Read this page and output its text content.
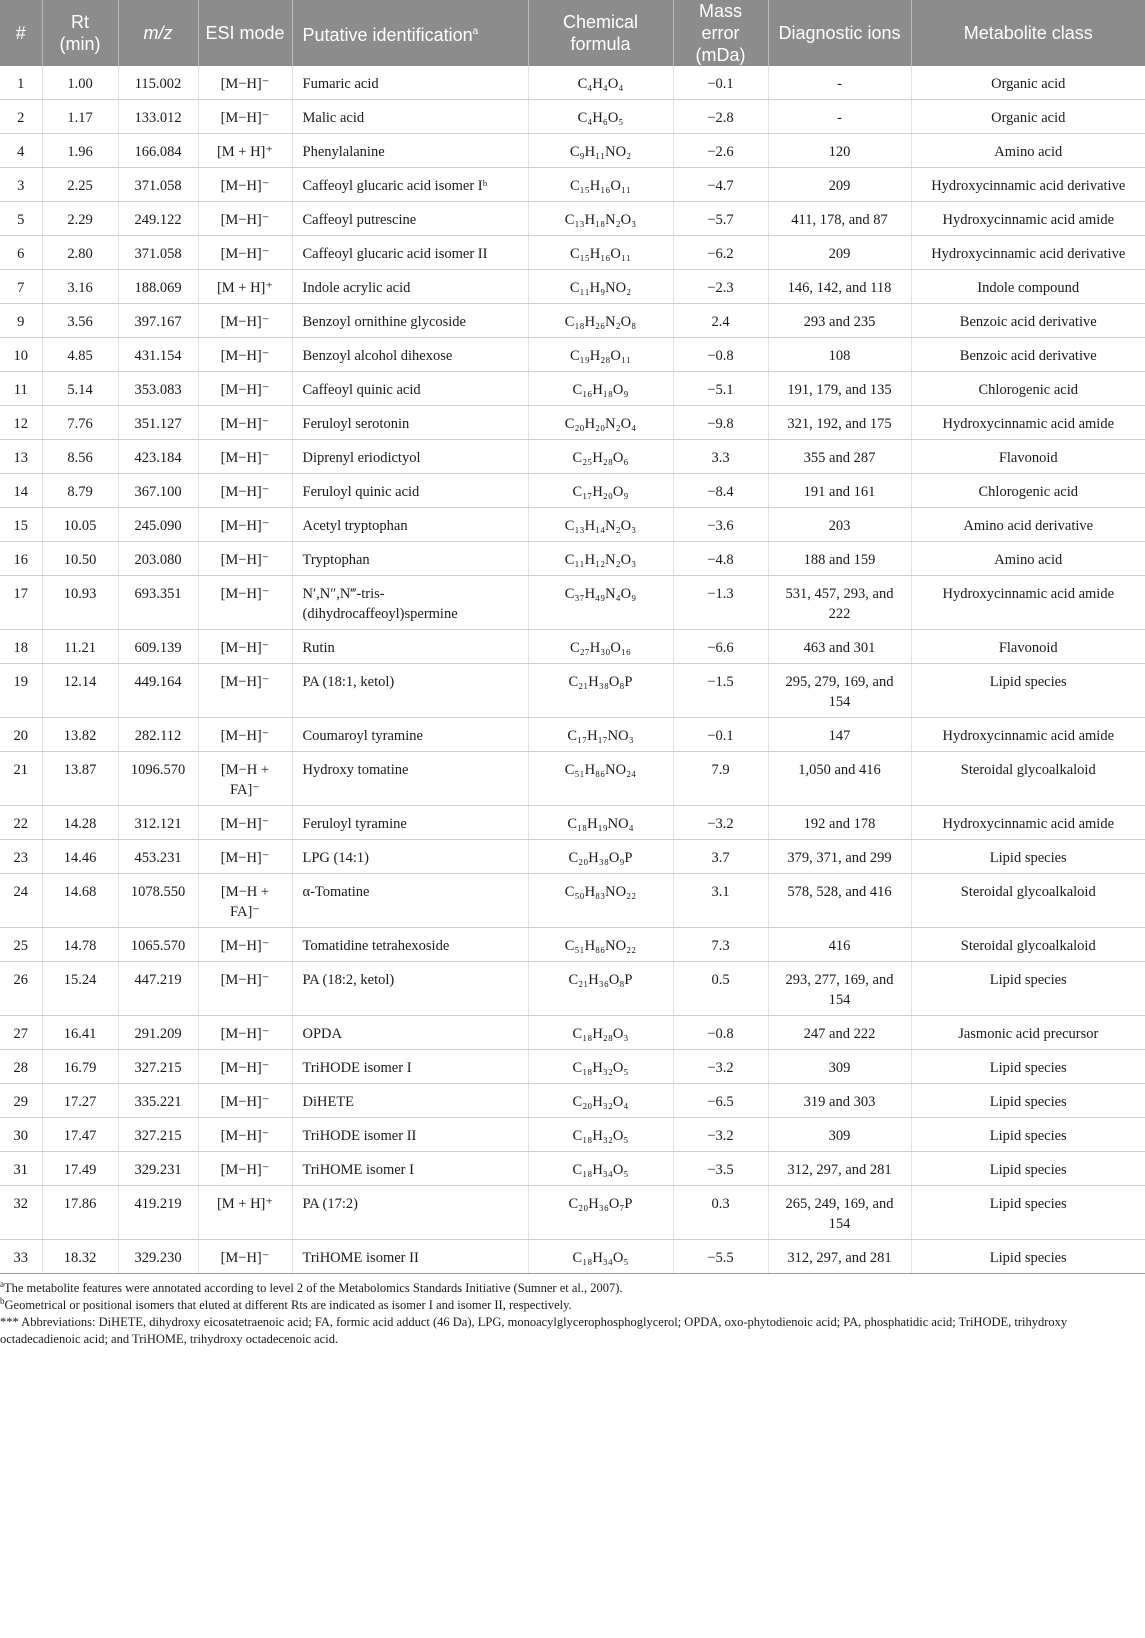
#	Rt (min)	m/z	ESI mode	Putative identification$^a$	Chemical formula	Mass error (mDa)	Diagnostic ions	Metabolite class
1	1.00	115.002	[M−H]⁻	Fumaric acid	C₄H₄O₄	−0.1	-	Organic acid
2	1.17	133.012	[M−H]⁻	Malic acid	C₄H₆O₅	−2.8	-	Organic acid
4	1.96	166.084	[M + H]⁺	Phenylalanine	C₉H₁₁NO₂	−2.6	120	Amino acid
3	2.25	371.058	[M−H]⁻	Caffeoyl glucaric acid isomer Iᵇ	C₁₅H₁₆O₁₁	−4.7	209	Hydroxycinnamic acid derivative
5	2.29	249.122	[M−H]⁻	Caffeoyl putrescine	C₁₃H₁₈N₂O₃	−5.7	411, 178, and 87	Hydroxycinnamic acid amide
6	2.80	371.058	[M−H]⁻	Caffeoyl glucaric acid isomer II	C₁₅H₁₆O₁₁	−6.2	209	Hydroxycinnamic acid derivative
7	3.16	188.069	[M + H]⁺	Indole acrylic acid	C₁₁H₉NO₂	−2.3	146, 142, and 118	Indole compound
9	3.56	397.167	[M−H]⁻	Benzoyl ornithine glycoside	C₁₈H₂₆N₂O₈	2.4	293 and 235	Benzoic acid derivative
10	4.85	431.154	[M−H]⁻	Benzoyl alcohol dihexose	C₁₉H₂₈O₁₁	−0.8	108	Benzoic acid derivative
11	5.14	353.083	[M−H]⁻	Caffeoyl quinic acid	C₁₆H₁₈O₉	−5.1	191, 179, and 135	Chlorogenic acid
12	7.76	351.127	[M−H]⁻	Feruloyl serotonin	C₂₀H₂₀N₂O₄	−9.8	321, 192, and 175	Hydroxycinnamic acid amide
13	8.56	423.184	[M−H]⁻	Diprenyl eriodictyol	C₂₅H₂₈O₆	3.3	355 and 287	Flavonoid
14	8.79	367.100	[M−H]⁻	Feruloyl quinic acid	C₁₇H₂₀O₉	−8.4	191 and 161	Chlorogenic acid
15	10.05	245.090	[M−H]⁻	Acetyl tryptophan	C₁₃H₁₄N₂O₃	−3.6	203	Amino acid derivative
16	10.50	203.080	[M−H]⁻	Tryptophan	C₁₁H₁₂N₂O₃	−4.8	188 and 159	Amino acid
17	10.93	693.351	[M−H]⁻	N′,N″,N‴-tris-(dihydrocaffeoyl)spermine	C₃₇H₄₉N₄O₉	−1.3	531, 457, 293, and 222	Hydroxycinnamic acid amide
18	11.21	609.139	[M−H]⁻	Rutin	C₂₇H₃₀O₁₆	−6.6	463 and 301	Flavonoid
19	12.14	449.164	[M−H]⁻	PA (18:1, ketol)	C₂₁H₃₈O₈P	−1.5	295, 279, 169, and 154	Lipid species
20	13.82	282.112	[M−H]⁻	Coumaroyl tyramine	C₁₇H₁₇NO₃	−0.1	147	Hydroxycinnamic acid amide
21	13.87	1096.570	[M−H + FA]⁻	Hydroxy tomatine	C₅₁H₈₆NO₂₄	7.9	1,050 and 416	Steroidal glycoalkaloid
22	14.28	312.121	[M−H]⁻	Feruloyl tyramine	C₁₈H₁₉NO₄	−3.2	192 and 178	Hydroxycinnamic acid amide
23	14.46	453.231	[M−H]⁻	LPG (14:1)	C₂₀H₃₈O₉P	3.7	379, 371, and 299	Lipid species
24	14.68	1078.550	[M−H + FA]⁻	α-Tomatine	C₅₀H₈₃NO₂₂	3.1	578, 528, and 416	Steroidal glycoalkaloid
25	14.78	1065.570	[M−H]⁻	Tomatidine tetrahexoside	C₅₁H₈₆NO₂₂	7.3	416	Steroidal glycoalkaloid
26	15.24	447.219	[M−H]⁻	PA (18:2, ketol)	C₂₁H₃₆O₈P	0.5	293, 277, 169, and 154	Lipid species
27	16.41	291.209	[M−H]⁻	OPDA	C₁₈H₂₈O₃	−0.8	247 and 222	Jasmonic acid precursor
28	16.79	327.215	[M−H]⁻	TriHODE isomer I	C₁₈H₃₂O₅	−3.2	309	Lipid species
29	17.27	335.221	[M−H]⁻	DiHETE	C₂₀H₃₂O₄	−6.5	319 and 303	Lipid species
30	17.47	327.215	[M−H]⁻	TriHODE isomer II	C₁₈H₃₂O₅	−3.2	309	Lipid species
31	17.49	329.231	[M−H]⁻	TriHOME isomer I	C₁₈H₃₄O₅	−3.5	312, 297, and 281	Lipid species
32	17.86	419.219	[M + H]⁺	PA (17:2)	C₂₀H₃₆O₇P	0.3	265, 249, 169, and 154	Lipid species
33	18.32	329.230	[M−H]⁻	TriHOME isomer II	C₁₈H₃₄O₅	−5.5	312, 297, and 281	Lipid species

$^a$The metabolite features were annotated according to level 2 of the Metabolomics Standards Initiative (Sumner et al., 2007).

$^b$Geometrical or positional isomers that eluted at different Rts are indicated as isomer I and isomer II, respectively.

*** Abbreviations: DiHETE, dihydroxy eicosatetraenoic acid; FA, formic acid adduct (46 Da), LPG, monoacylglycerophosphoglycerol; OPDA, oxo-phytodienoic acid; PA, phosphatidic acid; TriHODE, trihydroxy octadecadienoic acid; and TriHOME, trihydroxy octadecenoic acid.
